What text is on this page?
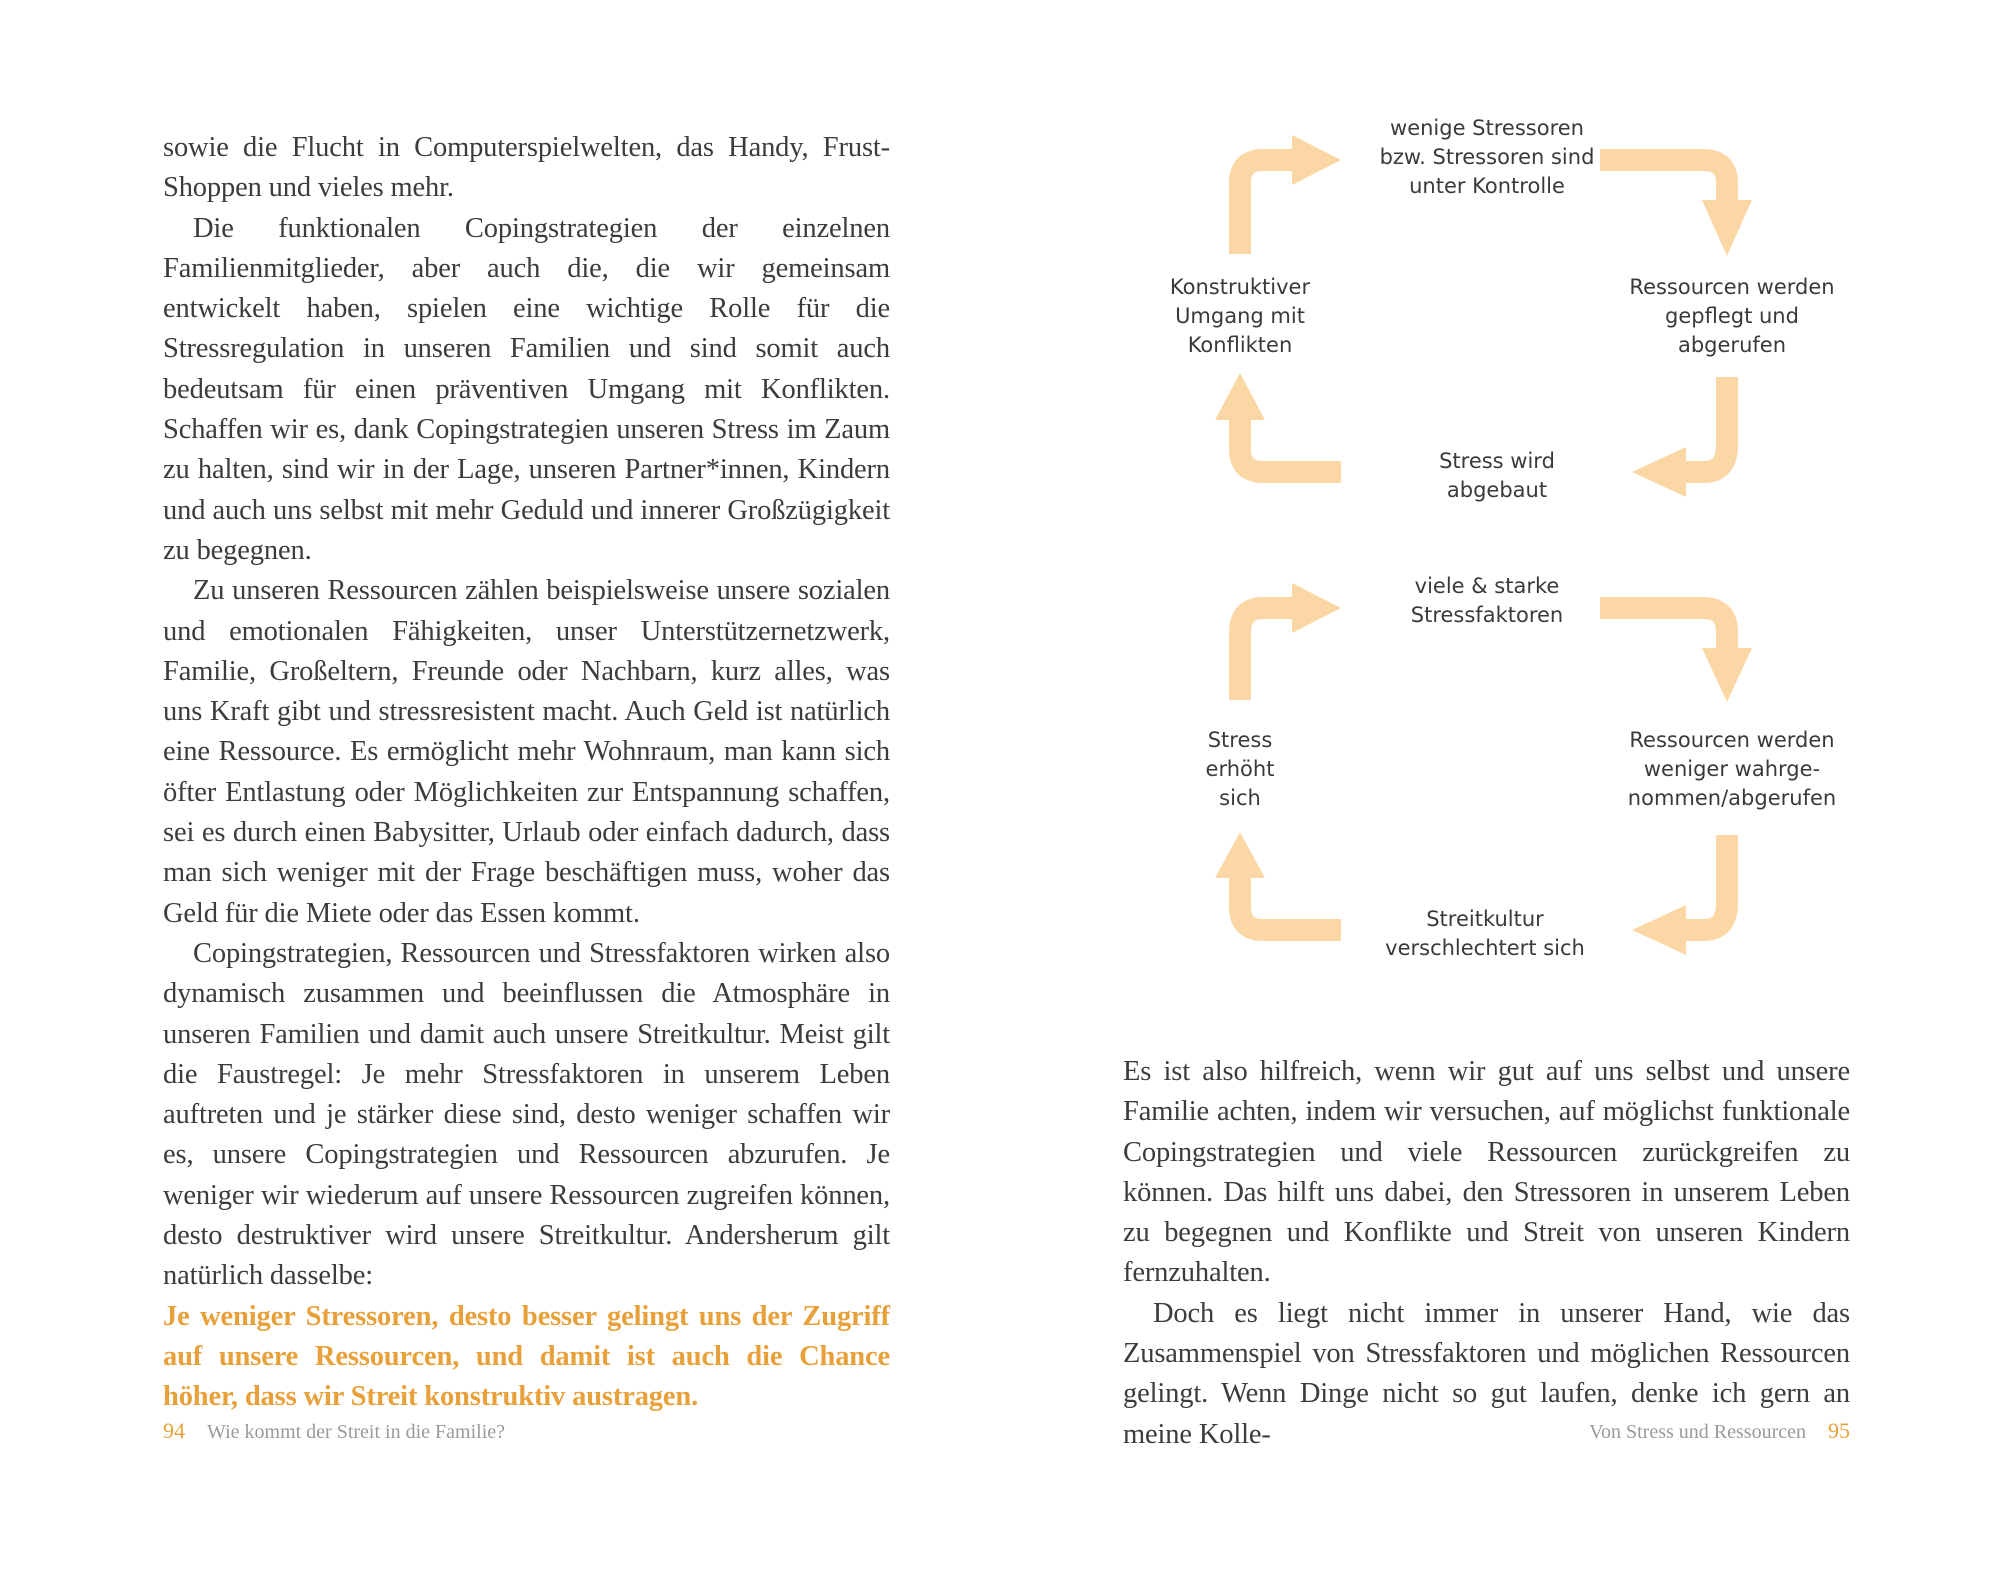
sowie die Flucht in Computerspielwelten, das Handy, Frust-Shoppen und vieles mehr.

Die funktionalen Copingstrategien der einzelnen Familienmitglieder, aber auch die, die wir gemeinsam entwickelt haben, spielen eine wichtige Rolle für die Stressregulation in unseren Familien und sind somit auch bedeutsam für einen präventiven Umgang mit Konflikten. Schaffen wir es, dank Copingstrategien unseren Stress im Zaum zu halten, sind wir in der Lage, unseren Partner*innen, Kindern und auch uns selbst mit mehr Geduld und innerer Großzügigkeit zu begegnen.

Zu unseren Ressourcen zählen beispielsweise unsere sozialen und emotionalen Fähigkeiten, unser Unterstützernetzwerk, Familie, Großeltern, Freunde oder Nachbarn, kurz alles, was uns Kraft gibt und stressresistent macht. Auch Geld ist natürlich eine Ressource. Es ermöglicht mehr Wohnraum, man kann sich öfter Entlastung oder Möglichkeiten zur Entspannung schaffen, sei es durch einen Babysitter, Urlaub oder einfach dadurch, dass man sich weniger mit der Frage beschäftigen muss, woher das Geld für die Miete oder das Essen kommt.

Copingstrategien, Ressourcen und Stressfaktoren wirken also dynamisch zusammen und beeinflussen die Atmosphäre in unseren Familien und damit auch unsere Streitkultur. Meist gilt die Faustregel: Je mehr Stressfaktoren in unserem Leben auftreten und je stärker diese sind, desto weniger schaffen wir es, unsere Copingstrategien und Ressourcen abzurufen. Je weniger wir wiederum auf unsere Ressourcen zugreifen können, desto destruktiver wird unsere Streitkultur. Andersherum gilt natürlich dasselbe:

Je weniger Stressoren, desto besser gelingt uns der Zugriff auf unsere Ressourcen, und damit ist auch die Chance höher, dass wir Streit konstruktiv austragen.

94 Wie kommt der Streit in die Familie?
wenige Stressoren
bzw. Stressoren sind
unter Kontrolle
Ressourcen werden
gepflegt und
abgerufen
Stress wird
abgebaut
Konstruktiver
Umgang mit
Konflikten
viele & starke
Stressfaktoren
Ressourcen werden
weniger wahrge-
nommen/abgerufen
Streitkultur
verschlechtert sich
Stress
erhöht
sich

Es ist also hilfreich, wenn wir gut auf uns selbst und unsere Familie achten, indem wir versuchen, auf möglichst funktionale Copingstrategien und viele Ressourcen zurückgreifen zu können. Das hilft uns dabei, den Stressoren in unserem Leben zu begegnen und Konflikte und Streit von unseren Kindern fernzuhalten.

Doch es liegt nicht immer in unserer Hand, wie das Zusammenspiel von Stressfaktoren und möglichen Ressourcen gelingt. Wenn Dinge nicht so gut laufen, denke ich gern an meine Kolle-	Von Stress und Ressourcen 95
